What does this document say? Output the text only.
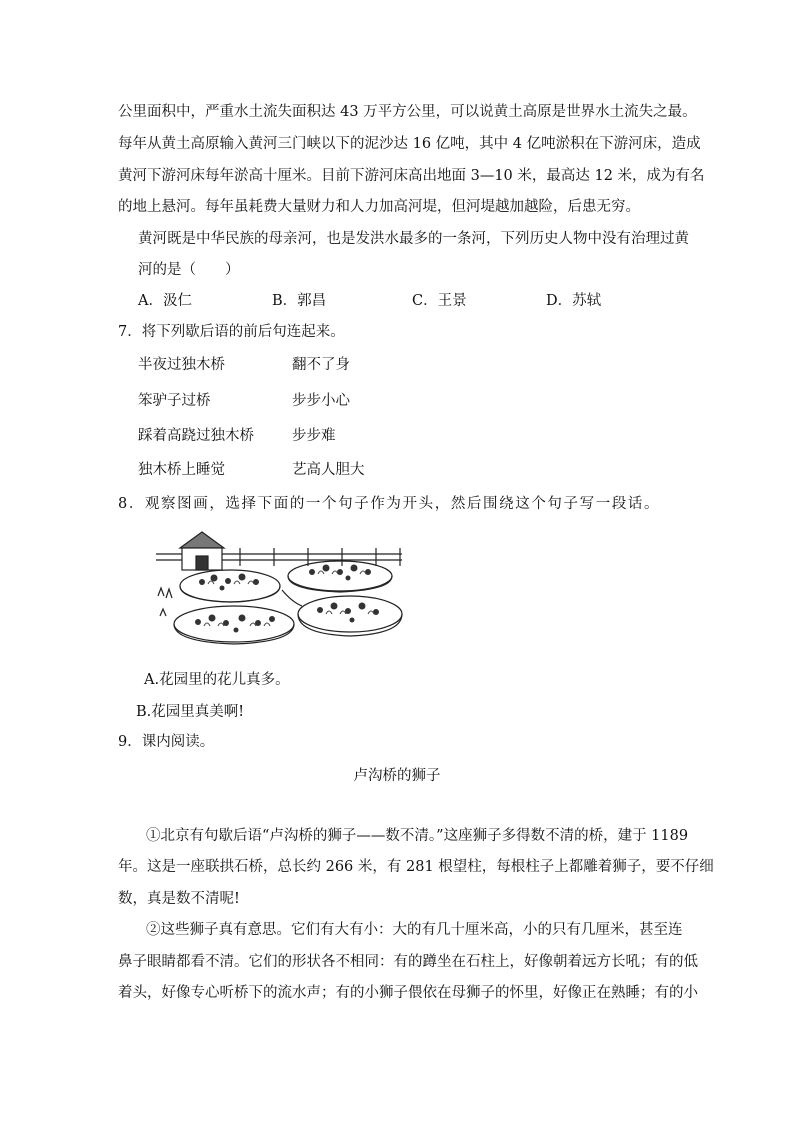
公里面积中，严重水土流失面积达 43 万平方公里，可以说黄土高原是世界水土流失之最。
每年从黄土高原输入黄河三门峡以下的泥沙达 16 亿吨，其中 4 亿吨淤积在下游河床，造成
黄河下游河床每年淤高十厘米。目前下游河床高出地面 3—10 米，最高达 12 米，成为有名
的地上悬河。每年虽耗费大量财力和人力加高河堤，但河堤越加越险，后患无穷。
黄河既是中华民族的母亲河，也是发洪水最多的一条河，下列历史人物中没有治理过黄
河的是（　　）
A．汲仁	B．郭昌	C．王景	D．苏轼
7．将下列歇后语的前后句连起来。
半夜过独木桥	翻不了身
笨驴子过桥	步步小心
踩着高跷过独木桥	步步难
独木桥上睡觉	艺高人胆大
8．观察图画，选择下面的一个句子作为开头，然后围绕这个句子写一段话。
A.花园里的花儿真多。
B.花园里真美啊!
9．课内阅读。
卢沟桥的狮子
①北京有句歇后语“卢沟桥的狮子——数不清。”这座狮子多得数不清的桥，建于 1189
年。这是一座联拱石桥，总长约 266 米，有 281 根望柱，每根柱子上都雕着狮子，要不仔细
数，真是数不清呢!
②这些狮子真有意思。它们有大有小：大的有几十厘米高，小的只有几厘米，甚至连
鼻子眼睛都看不清。它们的形状各不相同：有的蹲坐在石柱上，好像朝着远方长吼；有的低
着头，好像专心听桥下的流水声；有的小狮子偎依在母狮子的怀里，好像正在熟睡；有的小
